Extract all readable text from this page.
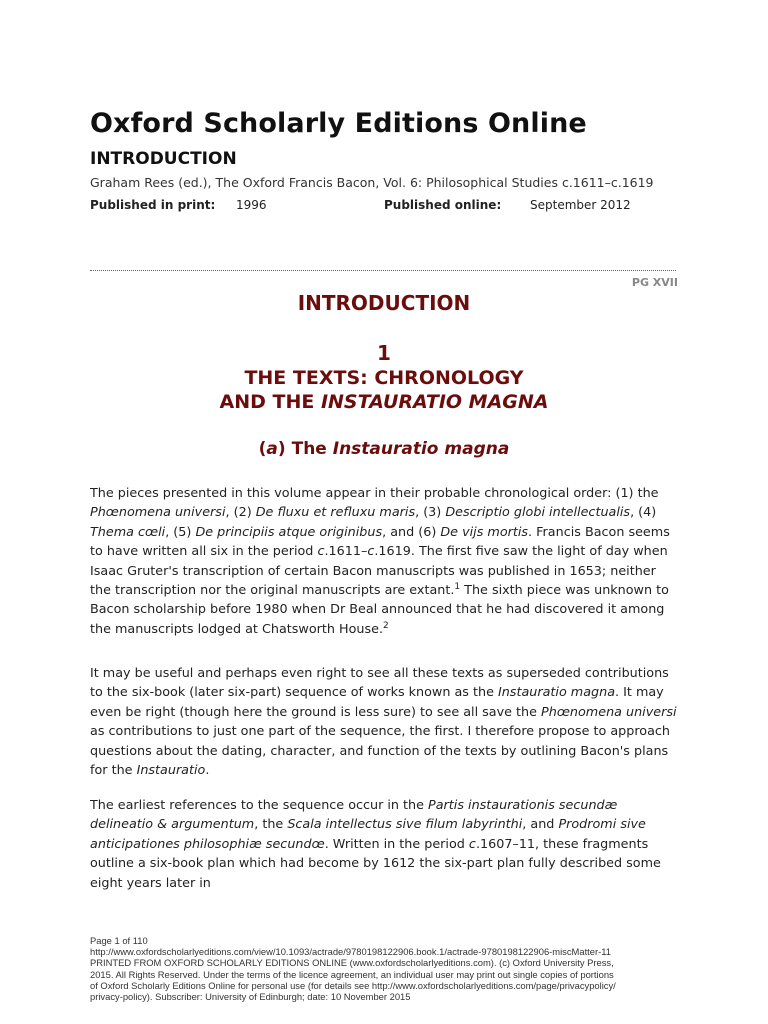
Oxford Scholarly Editions Online
INTRODUCTION
Graham Rees (ed.), The Oxford Francis Bacon, Vol. 6: Philosophical Studies c.1611–c.1619
Published in print: 1996	Published online: September 2012
PG XVII
INTRODUCTION
1
THE TEXTS: CHRONOLOGY
AND THE INSTAURATIO MAGNA
(a) The Instauratio magna

The pieces presented in this volume appear in their probable chronological order: (1) the Phœnomena universi, (2) De fluxu et refluxu maris, (3) Descriptio globi intellectualis, (4) Thema cœli, (5) De principiis atque originibus, and (6) De vijs mortis. Francis Bacon seems to have written all six in the period c.1611–c.1619. The first five saw the light of day when Isaac Gruter's transcription of certain Bacon manuscripts was published in 1653; neither the transcription nor the original manuscripts are extant.$^1$ The sixth piece was unknown to Bacon scholarship before 1980 when Dr Beal announced that he had discovered it among the manuscripts lodged at Chatsworth House.$^2$

It may be useful and perhaps even right to see all these texts as superseded contributions to the six-book (later six-part) sequence of works known as the Instauratio magna. It may even be right (though here the ground is less sure) to see all save the Phœnomena universi as contributions to just one part of the sequence, the first. I therefore propose to approach questions about the dating, character, and function of the texts by outlining Bacon's plans for the Instauratio.

The earliest references to the sequence occur in the Partis instaurationis secundæ delineatio & argumentum, the Scala intellectus sive filum labyrinthi, and Prodromi sive anticipationes philosophiæ secundœ. Written in the period c.1607–11, these fragments outline a six-book plan which had become by 1612 the six-part plan fully described some eight years later in

Page 1 of 110
http://www.oxfordscholarlyeditions.com/view/10.1093/actrade/9780198122906.book.1/actrade-9780198122906-miscMatter-11
PRINTED FROM OXFORD SCHOLARLY EDITIONS ONLINE (www.oxfordscholarlyeditions.com). (c) Oxford University Press,
2015. All Rights Reserved. Under the terms of the licence agreement, an individual user may print out single copies of portions
of Oxford Scholarly Editions Online for personal use (for details see http://www.oxfordscholarlyeditions.com/page/privacypolicy/
privacy-policy). Subscriber: University of Edinburgh; date: 10 November 2015
